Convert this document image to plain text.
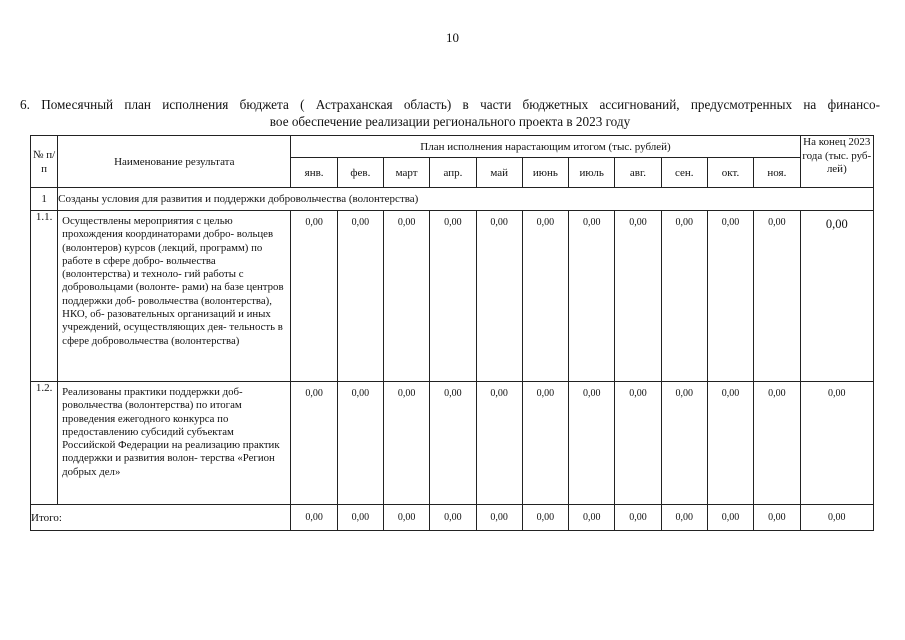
10
6. Помесячный план исполнения бюджета ( Астраханская область) в части бюджетных ассигнований, предусмотренных на финансо-
вое обеспечение реализации регионального проекта в 2023 году
№ п/п	Наименование результата	План исполнения нарастающим итогом (тыс. рублей)											На конец 2023 года (тыс. руб- лей)
		янв.	фев.	март	апр.	май	июнь	июль	авг.	сен.	окт.	ноя.	
1	Созданы условия для развития и поддержки добровольчества (волонтерства)												
1.1.	Осуществлены мероприятия с целью прохождения координаторами добро- вольцев (волонтеров) курсов (лекций, программ) по работе в сфере добро- вольчества (волонтерства) и техноло- гий работы с добровольцами (волонте- рами) на базе центров поддержки доб- ровольчества (волонтерства), НКО, об- разовательных организаций и иных учреждений, осуществляющих дея- тельность в сфере добровольчества (волонтерства)	0,00	0,00	0,00	0,00	0,00	0,00	0,00	0,00	0,00	0,00	0,00	0,00
1.2.	Реализованы практики поддержки доб- ровольчества (волонтерства) по итогам проведения ежегодного конкурса по предоставлению субсидий субъектам Российской Федерации на реализацию практик поддержки и развития волон- терства «Регион добрых дел»	0,00	0,00	0,00	0,00	0,00	0,00	0,00	0,00	0,00	0,00	0,00	0,00
Итого:		0,00	0,00	0,00	0,00	0,00	0,00	0,00	0,00	0,00	0,00	0,00	0,00
